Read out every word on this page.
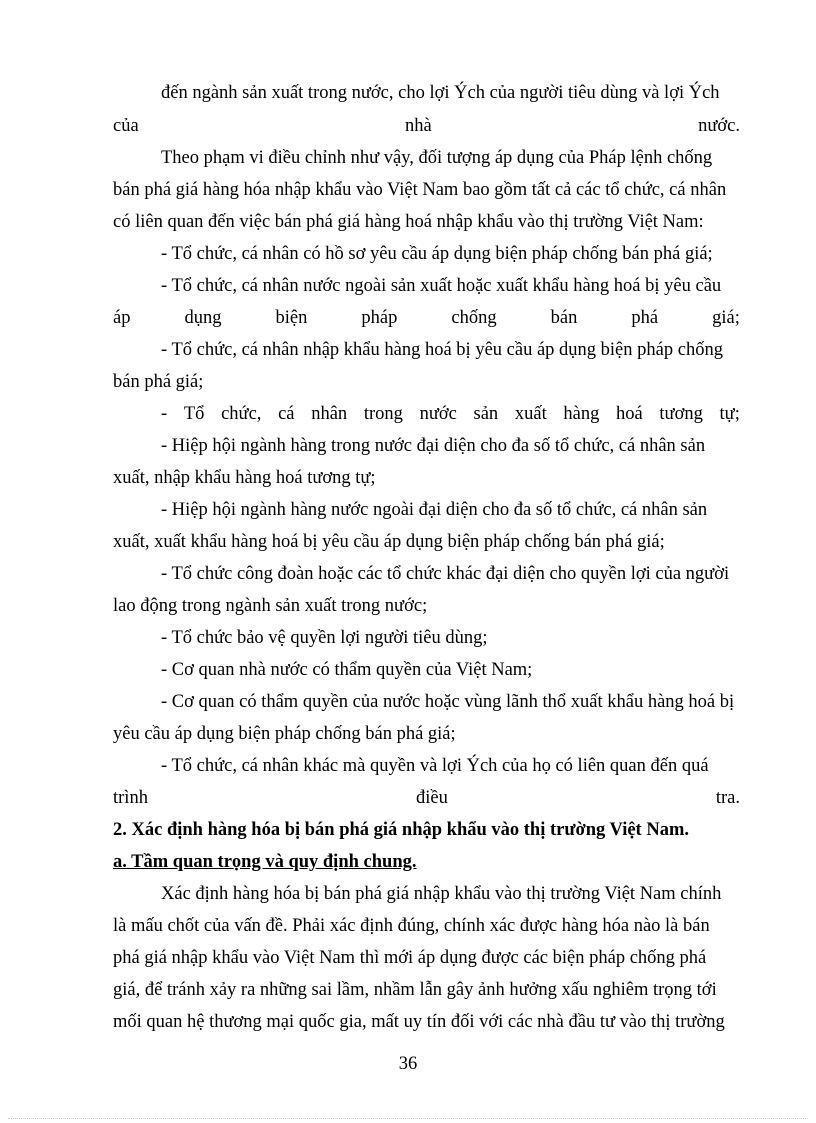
đến ngành sản xuất trong nước, cho lợi Ých của người tiêu dùng và lợi Ých
của	nhà	nước.
Theo phạm vi điều chỉnh như vậy, đối tượng áp dụng của Pháp lệnh chống
bán phá giá hàng hóa nhập khẩu vào Việt Nam bao gồm tất cả các tổ chức, cá nhân
có liên quan đến việc bán phá giá hàng hoá nhập khẩu vào thị trường Việt Nam:
- Tổ chức, cá nhân có hồ sơ yêu cầu áp dụng biện pháp chống bán phá giá;
- Tổ chức, cá nhân nước ngoài sản xuất hoặc xuất khẩu hàng hoá bị yêu cầu
áp	dụng	biện	pháp	chống	bán	phá	giá;
- Tổ chức, cá nhân nhập khẩu hàng hoá bị yêu cầu áp dụng biện pháp chống
bán phá giá;
- Tổ chức, cá nhân trong nước sản xuất hàng hoá tương tự;
- Hiệp hội ngành hàng trong nước đại diện cho đa số tổ chức, cá nhân sản
xuất, nhập khẩu hàng hoá tương tự;
- Hiệp hội ngành hàng nước ngoài đại diện cho đa số tổ chức, cá nhân sản
xuất, xuất khẩu hàng hoá bị yêu cầu áp dụng biện pháp chống bán phá giá;
- Tổ chức công đoàn hoặc các tổ chức khác đại diện cho quyền lợi của người
lao động trong ngành sản xuất trong nước;
- Tổ chức bảo vệ quyền lợi người tiêu dùng;
- Cơ quan nhà nước có thẩm quyền của Việt Nam;
- Cơ quan có thẩm quyền của nước hoặc vùng lãnh thổ xuất khẩu hàng hoá bị
yêu cầu áp dụng biện pháp chống bán phá giá;
- Tổ chức, cá nhân khác mà quyền và lợi Ých của họ có liên quan đến quá
trình	điều	tra.
2. Xác định hàng hóa bị bán phá giá nhập khẩu vào thị trường Việt Nam.
a. Tầm quan trọng và quy định chung.
Xác định hàng hóa bị bán phá giá nhập khẩu vào thị trường Việt Nam chính
là mấu chốt của vấn đề. Phải xác định đúng, chính xác được hàng hóa nào là bán
phá giá nhập khẩu vào Việt Nam thì mới áp dụng được các biện pháp chống phá
giá, để tránh xảy ra những sai lầm, nhầm lẫn gây ảnh hưởng xấu nghiêm trọng tới
mối quan hệ thương mại quốc gia, mất uy tín đối với các nhà đầu tư vào thị trường
36
